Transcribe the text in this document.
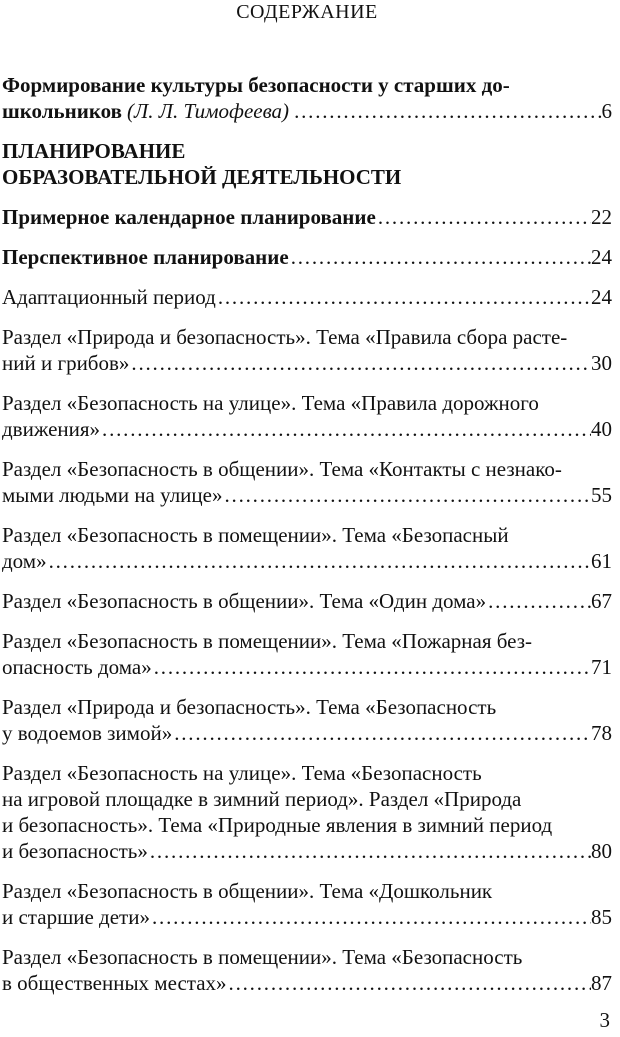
СОДЕРЖАНИЕ
Формирование культуры безопасности у старших до-
школьников (Л. Л. Тимофеева) .....	6
ПЛАНИРОВАНИЕ
ОБРАЗОВАТЕЛЬНОЙ ДЕЯТЕЛЬНОСТИ
Примерное календарное планирование .....	22
Перспективное планирование .....	24
Адаптационный период .....	24
Раздел «Природа и безопасность». Тема «Правила сбора расте-
ний и грибов» .....	30
Раздел «Безопасность на улице». Тема «Правила дорожного
движения» .....	40
Раздел «Безопасность в общении». Тема «Контакты с незнако-
мыми людьми на улице» .....	55
Раздел «Безопасность в помещении». Тема «Безопасный
дом» .....	61
Раздел «Безопасность в общении». Тема «Один дома» .....	67
Раздел «Безопасность в помещении». Тема «Пожарная без-
опасность дома» .....	71
Раздел «Природа и безопасность». Тема «Безопасность
у водоемов зимой» .....	78
Раздел «Безопасность на улице». Тема «Безопасность
на игровой площадке в зимний период». Раздел «Природа
и безопасность». Тема «Природные явления в зимний период
и безопасность» .....	80
Раздел «Безопасность в общении». Тема «Дошкольник
и старшие дети» .....	85
Раздел «Безопасность в помещении». Тема «Безопасность
в общественных местах» .....	87
3
